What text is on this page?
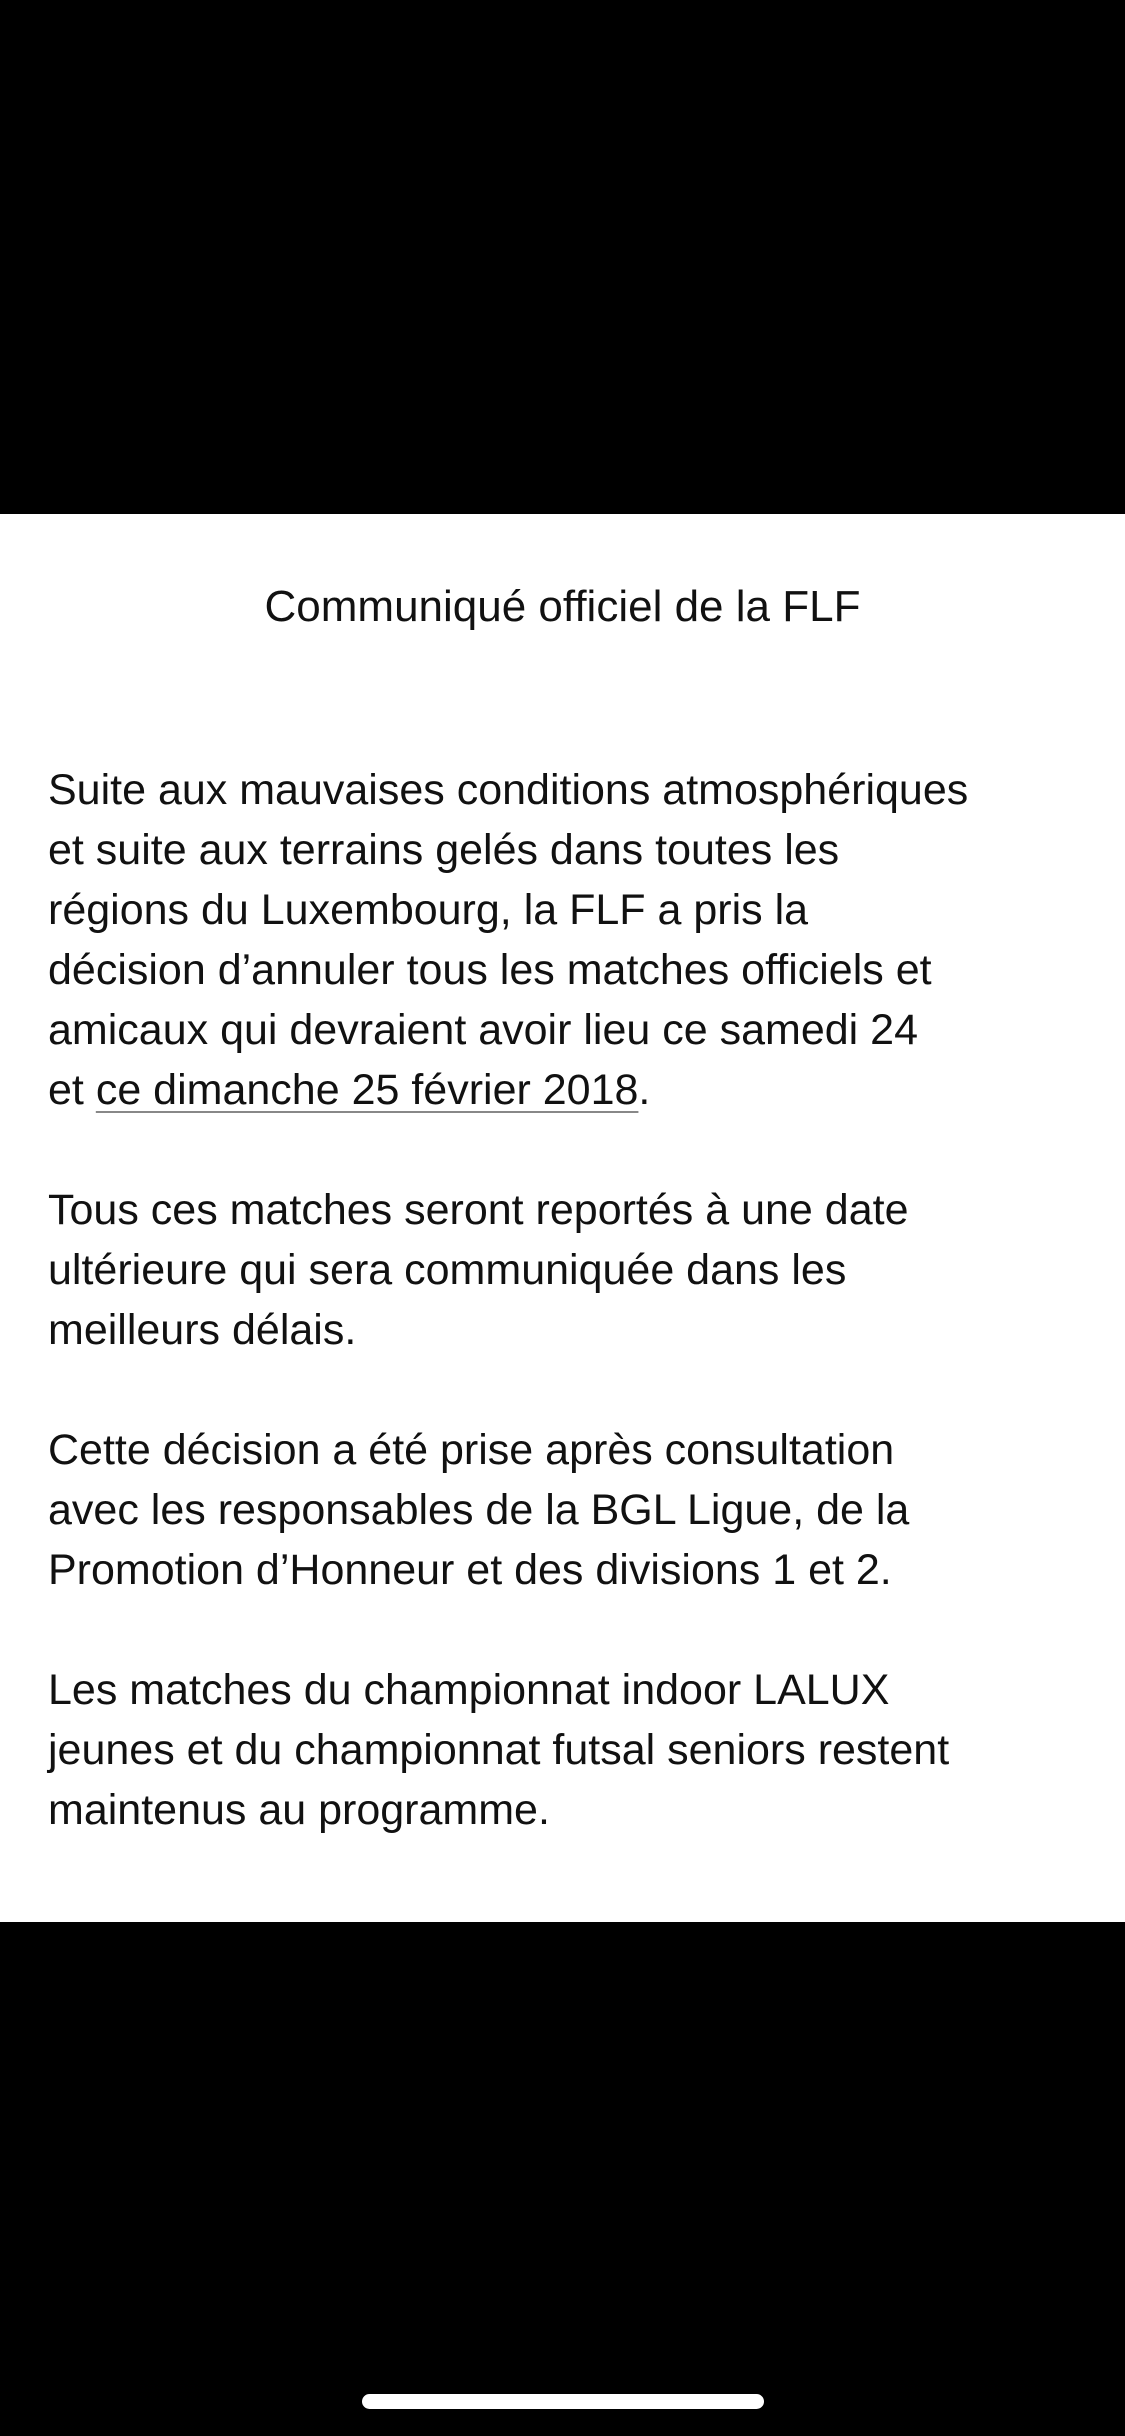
Communiqué officiel de la FLF

Suite aux mauvaises conditions atmosphériques
et suite aux terrains gelés dans toutes les
régions du Luxembourg, la FLF a pris la
décision d’annuler tous les matches officiels et
amicaux qui devraient avoir lieu ce samedi 24
et ce dimanche 25 février 2018.

Tous ces matches seront reportés à une date
ultérieure qui sera communiquée dans les
meilleurs délais.

Cette décision a été prise après consultation
avec les responsables de la BGL Ligue, de la
Promotion d’Honneur et des divisions 1 et 2.

Les matches du championnat indoor LALUX
jeunes et du championnat futsal seniors restent
maintenus au programme.
